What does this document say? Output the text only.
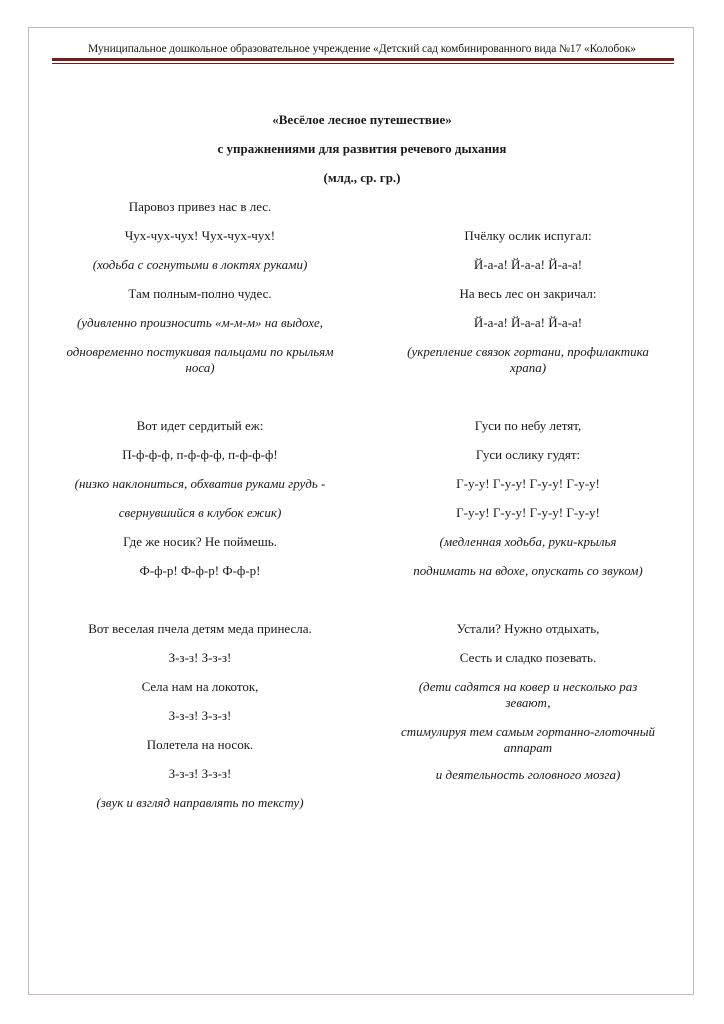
Муниципальное дошкольное образовательное учреждение «Детский сад комбинированного вида №17 «Колобок»
«Весёлое лесное путешествие»
с упражнениями для развития речевого дыхания
(млд., ср. гр.)
Паровоз привез нас в лес.
Чух-чух-чух! Чух-чух-чух!
(ходьба с согнутыми в локтях руками)
Там полным-полно чудес.
(удивленно произносить «м-м-м» на выдохе,
одновременно постукивая пальцами по крыльям носа)
Вот идет сердитый еж:
П-ф-ф-ф, п-ф-ф-ф, п-ф-ф-ф!
(низко наклониться, обхватив руками грудь -
свернувшийся в клубок ежик)
Где же носик? Не поймешь.
Ф-ф-р! Ф-ф-р! Ф-ф-р!
Вот веселая пчела детям меда принесла.
З-з-з! З-з-з!
Села нам на локоток,
З-з-з! З-з-з!
Полетела на носок.
З-з-з! З-з-з!
(звук и взгляд направлять по тексту)
Пчёлку ослик испугал:
Й-а-а! Й-а-а! Й-а-а!
На весь лес он закричал:
Й-а-а! Й-а-а! Й-а-а!
(укрепление связок гортани, профилактика храпа)
Гуси по небу летят,
Гуси ослику гудят:
Г-у-у! Г-у-у! Г-у-у! Г-у-у!
Г-у-у! Г-у-у! Г-у-у! Г-у-у!
(медленная ходьба, руки-крылья
поднимать на вдохе, опускать со звуком)
Устали? Нужно отдыхать,
Сесть и сладко позевать.
(дети садятся на ковер и несколько раз зевают,
стимулируя тем самым гортанно-глоточный аппарат
и деятельность головного мозга)
